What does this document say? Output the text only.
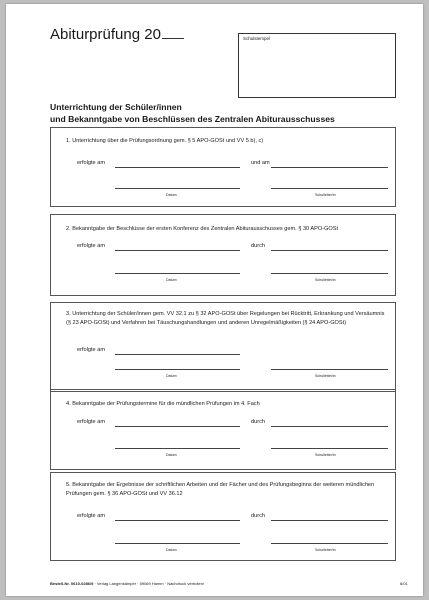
Abiturprüfung 20	Schulstempel
Unterrichtung der Schüler/innen
und Bekanntgabe von Beschlüssen des Zentralen Abiturausschusses
1. Unterrichtung über die Prüfungsordnung gem. § 5 APO-GOSt und VV 5 b), c)
erfolgte am	und am
Datum	Schulleiter/in
2. Bekanntgabe der Beschlüsse der ersten Konferenz des Zentralen Abiturausschusses gem. § 30 APO-GOSt
erfolgte am	durch
Datum	Schulleiter/in
3. Unterrichtung der Schüler/innen gem. VV 32.1 zu § 32 APO-GOSt über Regelungen bei Rücktritt, Erkrankung und Versäumnis (§ 23 APO-GOSt) und Verfahren bei Täuschungshandlungen und anderen Unregelmäßigkeiten (§ 24 APO-GOSt)
erfolgte am
Datum	Schulleiter/in
4. Bekanntgabe der Prüfungstermine für die mündlichen Prüfungen im 4. Fach
erfolgte am	durch
Datum	Schulleiter/in
5. Bekanntgabe der Ergebnisse der schriftlichen Arbeiten und der Fächer und des Prüfungsbeginns der weiteren mündlichen Prüfungen gem. § 36 APO-GOSt und VV 36.12
erfolgte am	durch
Datum	Schulleiter/in
Bestell-Nr. 0610-0286/9 · Verlag Langenkämper · 59069 Hamm · Nachdruck verboten!	6/01
